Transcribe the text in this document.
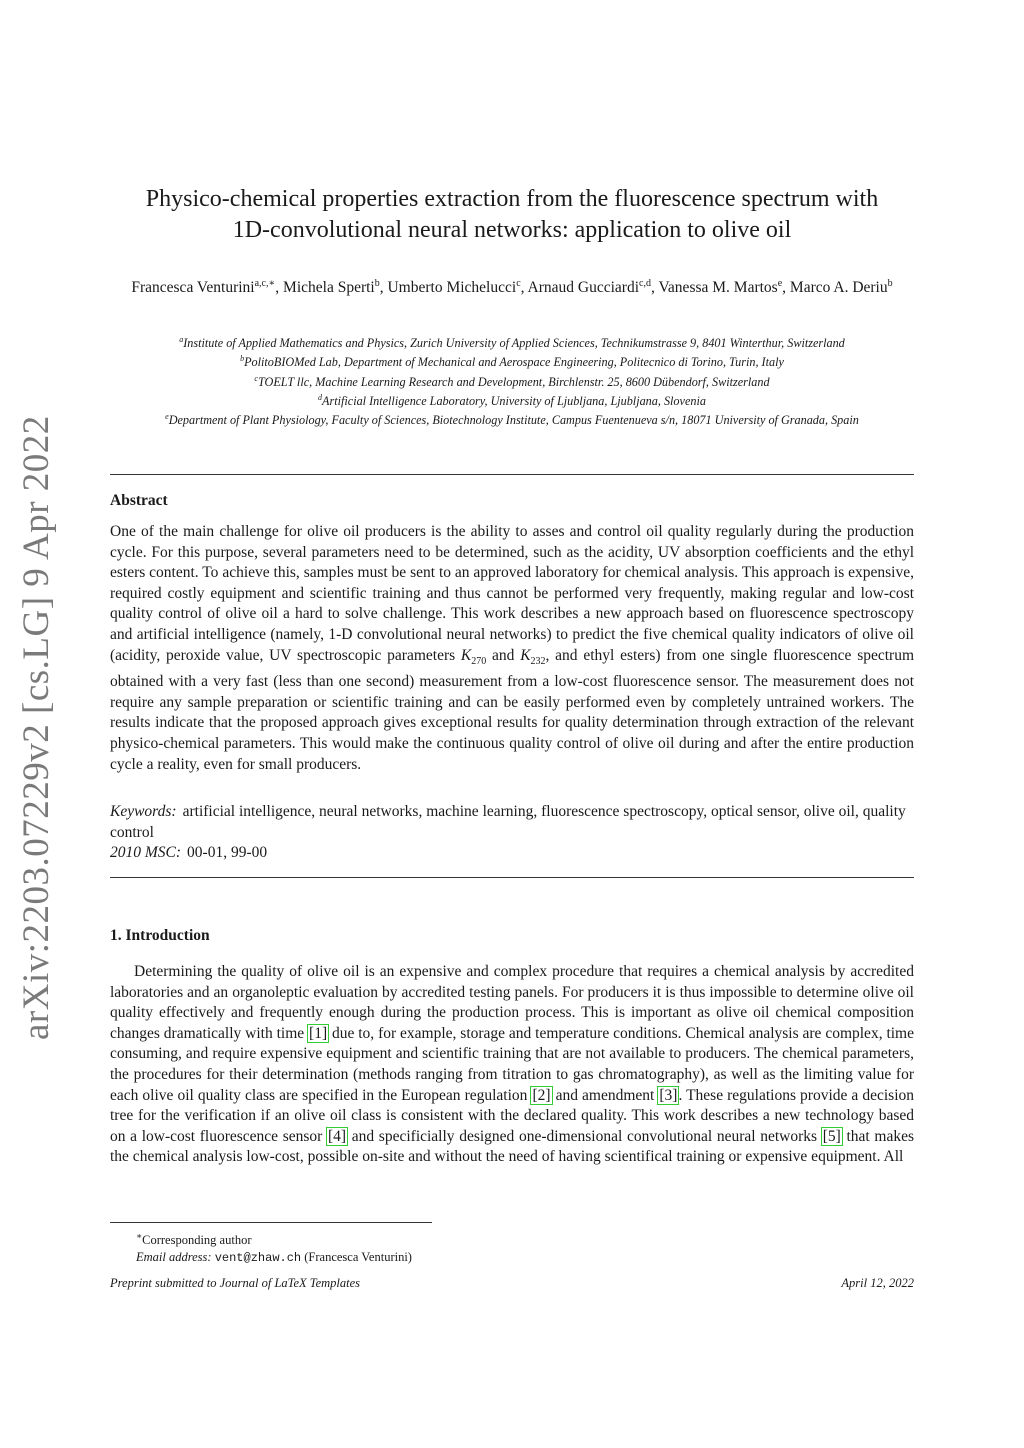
arXiv:2203.07229v2 [cs.LG] 9 Apr 2022
Physico-chemical properties extraction from the fluorescence spectrum with
1D-convolutional neural networks: application to olive oil
Francesca Venturini$^{a,c,∗}$, Michela Sperti$^b$, Umberto Michelucci$^c$, Arnaud Gucciardi$^{c,d}$, Vanessa M. Martos$^e$, Marco A. Deriu$^b$
$^a$Institute of Applied Mathematics and Physics, Zurich University of Applied Sciences, Technikumstrasse 9, 8401 Winterthur, Switzerland
$^b$PolitoBIOMed Lab, Department of Mechanical and Aerospace Engineering, Politecnico di Torino, Turin, Italy
$^c$TOELT llc, Machine Learning Research and Development, Birchlenstr. 25, 8600 Dübendorf, Switzerland
$^d$Artificial Intelligence Laboratory, University of Ljubljana, Ljubljana, Slovenia
$^e$Department of Plant Physiology, Faculty of Sciences, Biotechnology Institute, Campus Fuentenueva s/n, 18071 University of Granada, Spain
Abstract
One of the main challenge for olive oil producers is the ability to asses and control oil quality regularly during the production cycle. For this purpose, several parameters need to be determined, such as the acidity, UV absorption coefficients and the ethyl esters content. To achieve this, samples must be sent to an approved laboratory for chemical analysis. This approach is expensive, required costly equipment and scientific training and thus cannot be performed very frequently, making regular and low-cost quality control of olive oil a hard to solve challenge. This work describes a new approach based on fluorescence spectroscopy and artificial intelligence (namely, 1-D convolutional neural networks) to predict the five chemical quality indicators of olive oil (acidity, peroxide value, UV spectroscopic parameters $K_{270}$ and $K_{232}$, and ethyl esters) from one single fluorescence spectrum obtained with a very fast (less than one second) measurement from a low-cost fluorescence sensor. The measurement does not require any sample preparation or scientific training and can be easily performed even by completely untrained workers. The results indicate that the proposed approach gives exceptional results for quality determination through extraction of the relevant physico-chemical parameters. This would make the continuous quality control of olive oil during and after the entire production cycle a reality, even for small producers.
Keywords: artificial intelligence, neural networks, machine learning, fluorescence spectroscopy, optical sensor, olive oil, quality control
2010 MSC: 00-01, 99-00
1. Introduction
Determining the quality of olive oil is an expensive and complex procedure that requires a chemical analysis by accredited laboratories and an organoleptic evaluation by accredited testing panels. For producers it is thus impossible to determine olive oil quality effectively and frequently enough during the production process. This is important as olive oil chemical composition changes dramatically with time [1] due to, for example, storage and temperature conditions. Chemical analysis are complex, time consuming, and require expensive equipment and scientific training that are not available to producers. The chemical parameters, the procedures for their determination (methods ranging from titration to gas chromatography), as well as the limiting value for each olive oil quality class are specified in the European regulation [2] and amendment [3]. These regulations provide a decision tree for the verification if an olive oil class is consistent with the declared quality. This work describes a new technology based on a low-cost fluorescence sensor [4] and specificially designed one-dimensional convolutional neural networks [5] that makes the chemical analysis low-cost, possible on-site and without the need of having scientifical training or expensive equipment. All
∗Corresponding author
Email address: vent@zhaw.ch (Francesca Venturini)
Preprint submitted to Journal of LaTeX Templates	April 12, 2022
